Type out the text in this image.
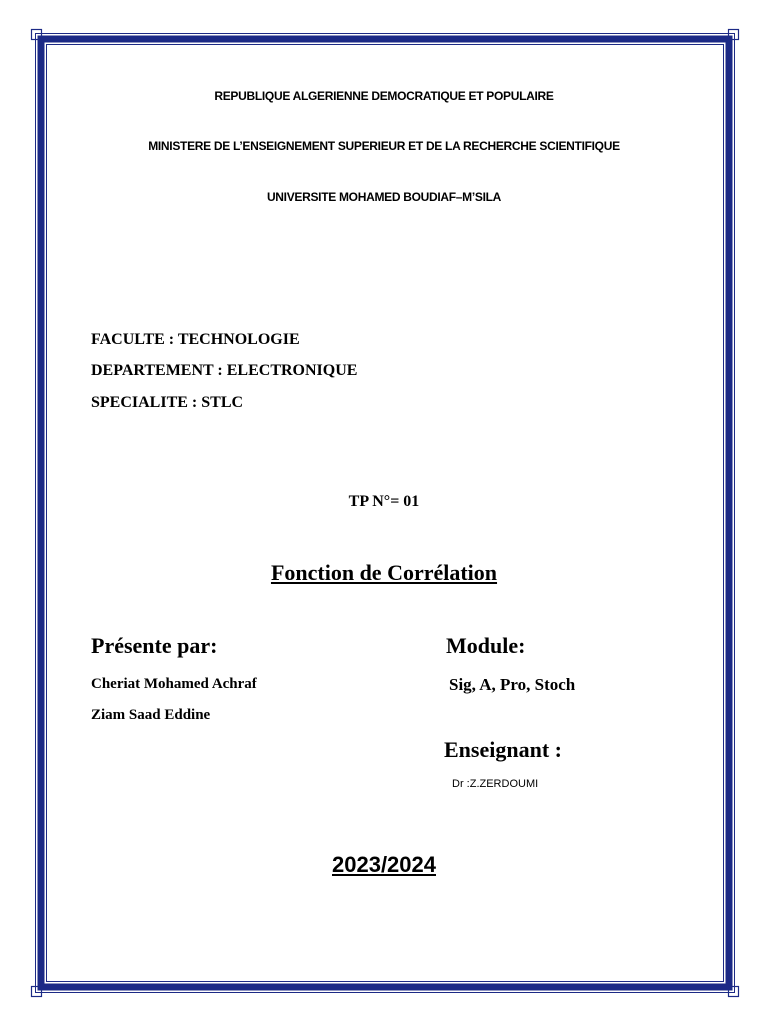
REPUBLIQUE ALGERIENNE DEMOCRATIQUE ET POPULAIRE

MINISTERE DE L’ENSEIGNEMENT SUPERIEUR ET DE LA RECHERCHE SCIENTIFIQUE

UNIVERSITE MOHAMED BOUDIAF–M’SILA

FACULTE : TECHNOLOGIE

DEPARTEMENT : ELECTRONIQUE

SPECIALITE : STLC

TP N°= 01

Fonction de Corrélation

Présente par:	Module:

Cheriat Mohamed Achraf	Sig, A, Pro, Stoch

Ziam Saad Eddine

Enseignant :

Dr :Z.ZERDOUMI

2023/2024
